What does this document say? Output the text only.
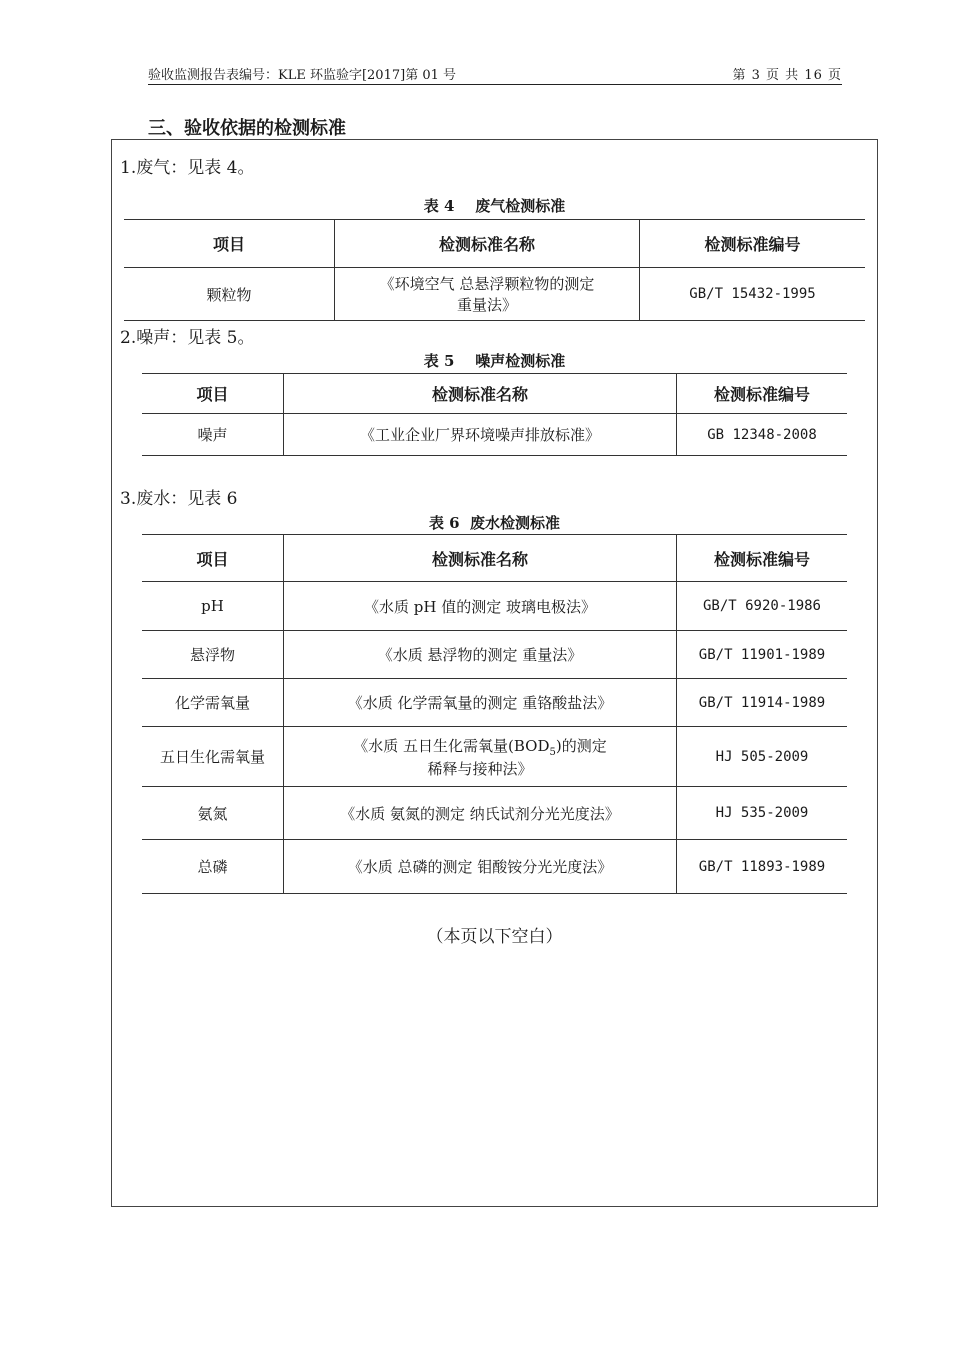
验收监测报告表编号：KLE 环监验字[2017]第 01 号	第 3 页 共 16 页
三、验收依据的检测标准
1.废气：见表 4。
表 4    废气检测标准
项目	检测标准名称	检测标准编号
颗粒物	《环境空气 总悬浮颗粒物的测定
重量法》	GB/T 15432-1995
2.噪声：见表 5。
表 5    噪声检测标准
项目	检测标准名称	检测标准编号
噪声	《工业企业厂界环境噪声排放标准》	GB 12348-2008
3.废水：见表 6
表 6  废水检测标准
项目	检测标准名称	检测标准编号
pH	《水质 pH 值的测定 玻璃电极法》	GB/T 6920-1986
悬浮物	《水质 悬浮物的测定 重量法》	GB/T 11901-1989
化学需氧量	《水质 化学需氧量的测定 重铬酸盐法》	GB/T 11914-1989
五日生化需氧量	《水质 五日生化需氧量$(BOD_5)$的测定
稀释与接种法》	HJ 505-2009
氨氮	《水质 氨氮的测定 纳氏试剂分光光度法》	HJ 535-2009
总磷	《水质 总磷的测定 钼酸铵分光光度法》	GB/T 11893-1989
（本页以下空白）
